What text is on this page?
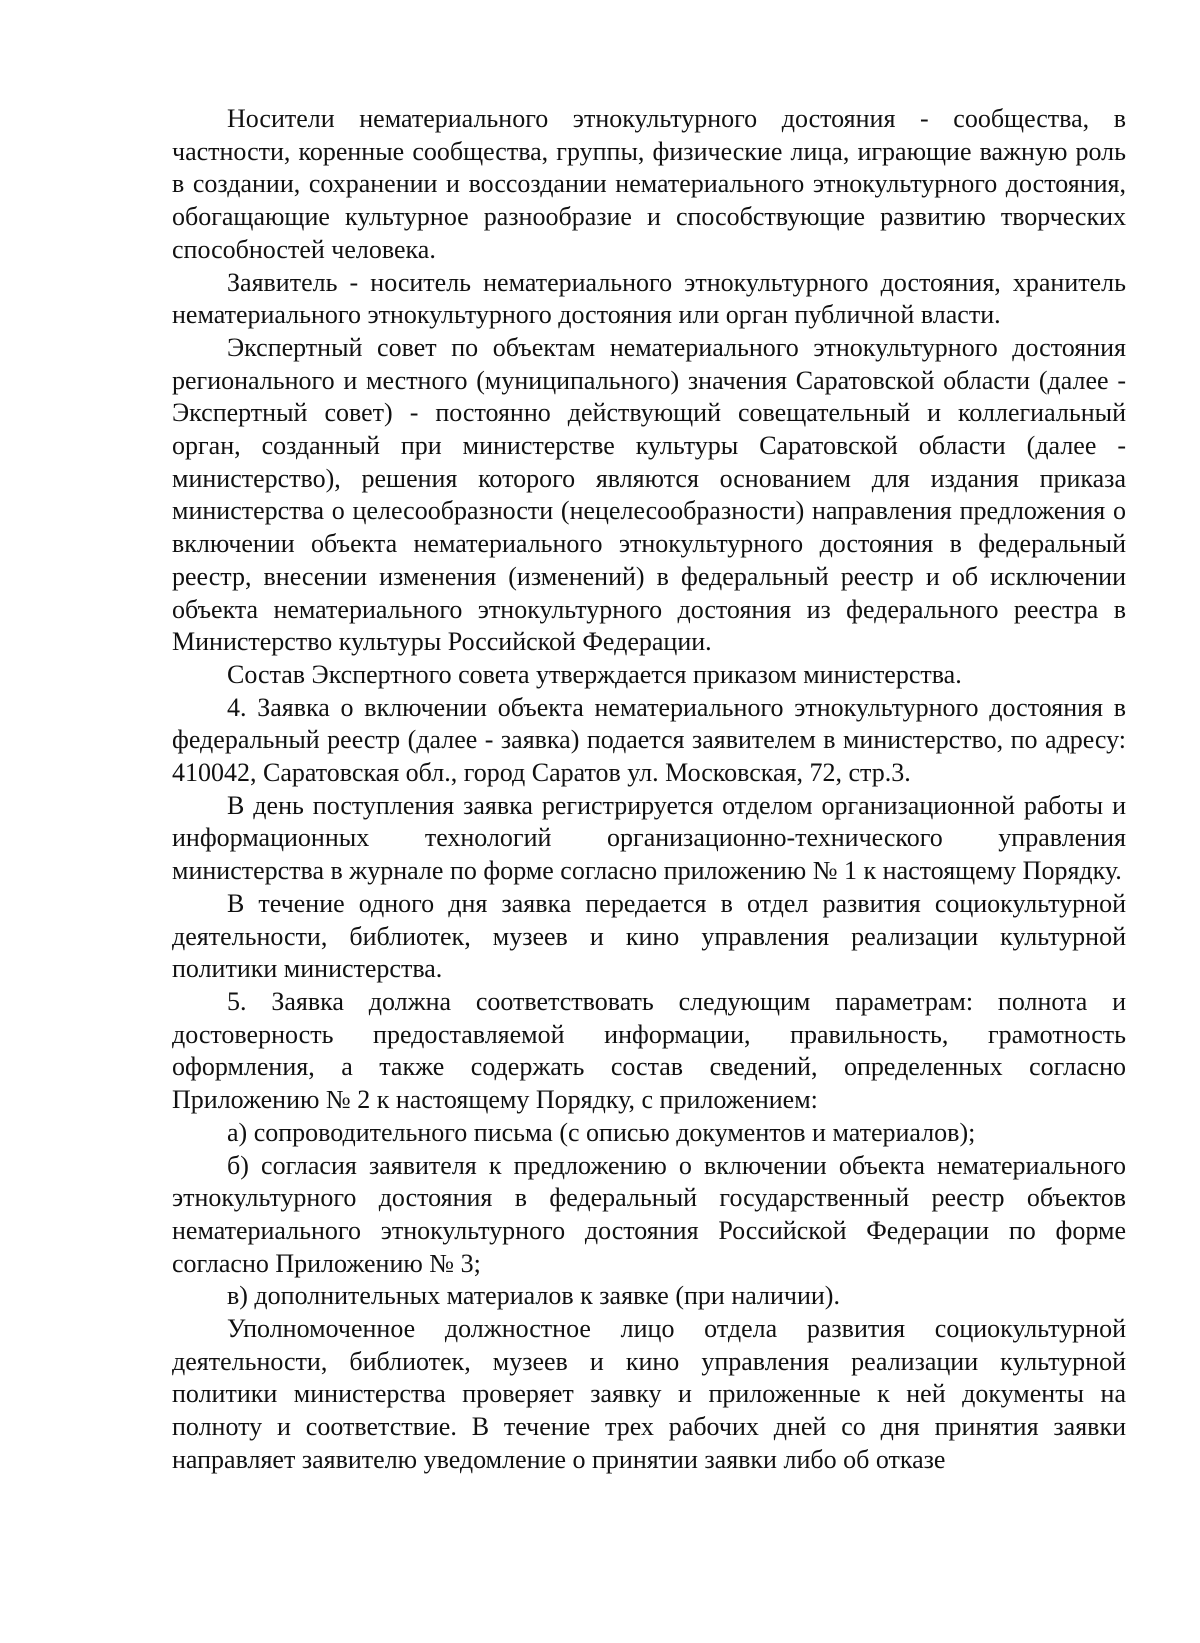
Носители нематериального этнокультурного достояния - сообщества, в частности, коренные сообщества, группы, физические лица, играющие важную роль в создании, сохранении и воссоздании нематериального этнокультурного достояния, обогащающие культурное разнообразие и способствующие развитию творческих способностей человека.

Заявитель - носитель нематериального этнокультурного достояния, хранитель нематериального этнокультурного достояния или орган публичной власти.

Экспертный совет по объектам нематериального этнокультурного достояния регионального и местного (муниципального) значения Саратовской области (далее - Экспертный совет) - постоянно действующий совещательный и коллегиальный орган, созданный при министерстве культуры Саратовской области (далее - министерство), решения которого являются основанием для издания приказа министерства о целесообразности (нецелесообразности) направления предложения о включении объекта нематериального этнокультурного достояния в федеральный реестр, внесении изменения (изменений) в федеральный реестр и об исключении объекта нематериального этнокультурного достояния из федерального реестра в Министерство культуры Российской Федерации.

Состав Экспертного совета утверждается приказом министерства.

4. Заявка о включении объекта нематериального этнокультурного достояния в федеральный реестр (далее - заявка) подается заявителем в министерство, по адресу: 410042, Саратовская обл., город Саратов ул. Московская, 72, стр.3.

В день поступления заявка регистрируется отделом организационной работы и информационных технологий организационно-технического управления министерства в журнале по форме согласно приложению № 1 к настоящему Порядку.

В течение одного дня заявка передается в отдел развития социокультурной деятельности, библиотек, музеев и кино управления реализации культурной политики министерства.

5. Заявка должна соответствовать следующим параметрам: полнота и достоверность предоставляемой информации, правильность, грамотность оформления, а также содержать состав сведений, определенных согласно Приложению № 2 к настоящему Порядку, с приложением:

а) сопроводительного письма (с описью документов и материалов);

б) согласия заявителя к предложению о включении объекта нематериального этнокультурного достояния в федеральный государственный реестр объектов нематериального этнокультурного достояния Российской Федерации по форме согласно Приложению № 3;

в) дополнительных материалов к заявке (при наличии).

Уполномоченное должностное лицо отдела развития социокультурной деятельности, библиотек, музеев и кино управления реализации культурной политики министерства проверяет заявку и приложенные к ней документы на полноту и соответствие. В течение трех рабочих дней со дня принятия заявки направляет заявителю уведомление о принятии заявки либо об отказе
